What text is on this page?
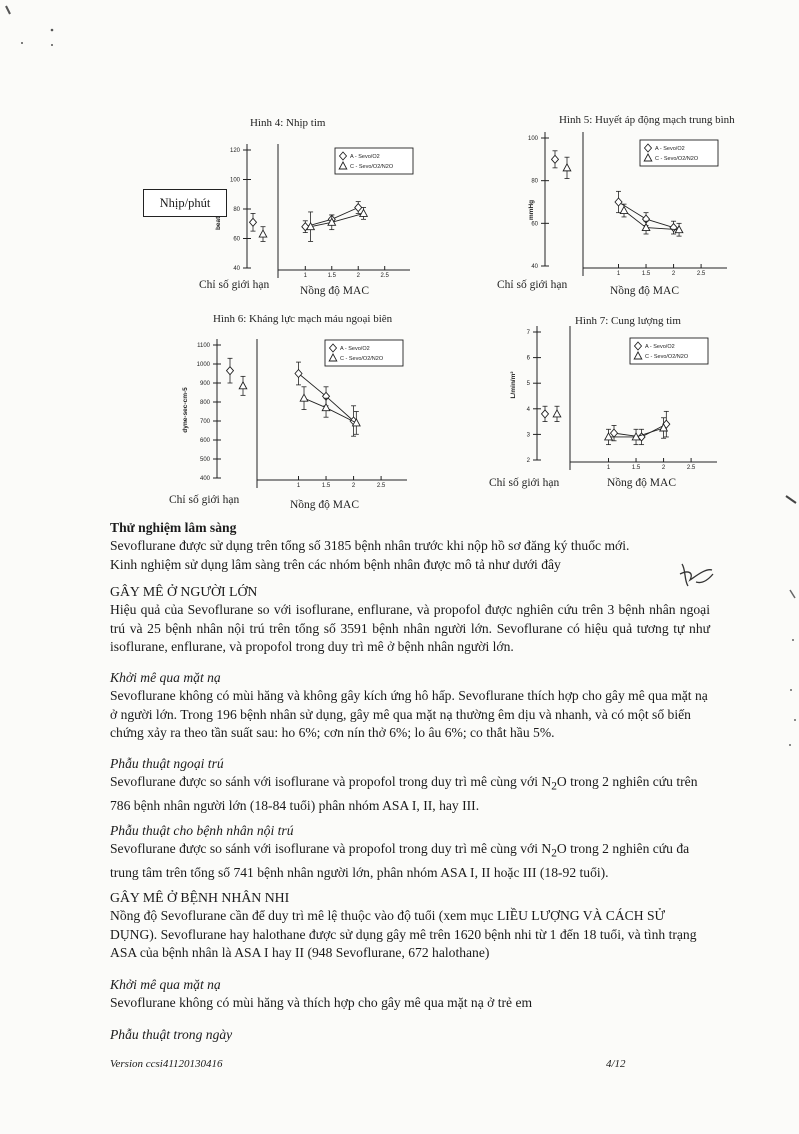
Hình 4: Nhịp tim
40
60
80
100
120
1	1.5	2	2.5
Chỉ số giới hạn	Nồng độ MAC
A - Sevo/O2
C - Sevo/O2/N2O
Hình 5: Huyết áp động mạch trung bình
40
60
80
100
mmHg
1	1.5	2	2.5
Chỉ số giới hạn	Nồng độ MAC
A - Sevo/O2
C - Sevo/O2/N2O
Hình 6: Kháng lực mạch máu ngoại biên
400
500
600
700
800
900
1000
1100
dyne-sec-cm-5
1	1.5	2	2.5
Chỉ số giới hạn	Nồng độ MAC
A - Sevo/O2
C - Sevo/O2/N2O
Hình 7: Cung lượng tim
2
3
4
5
6
7
L/min/m²
1	1.5	2	2.5
Chỉ số giới hạn	Nồng độ MAC
A - Sevo/O2
C - Sevo/O2/N2O
Nhịp/phút

Thử nghiệm lâm sàng

Sevoflurane được sử dụng trên tổng số 3185 bệnh nhân trước khi nộp hồ sơ đăng ký thuốc mới.

Kinh nghiệm sử dụng lâm sàng trên các nhóm bệnh nhân được mô tả như dưới đây

GÂY MÊ Ở NGƯỜI LỚN

Hiệu quả của Sevoflurane so với isoflurane, enflurane, và propofol được nghiên cứu trên 3 bệnh nhân ngoại trú và 25 bệnh nhân nội trú trên tổng số 3591 bệnh nhân người lớn. Sevoflurane có hiệu quả tương tự như isoflurane, enflurane, và propofol trong duy trì mê ở bệnh nhân người lớn.

Khởi mê qua mặt nạ

Sevoflurane không có mùi hăng và không gây kích ứng hô hấp. Sevoflurane thích hợp cho gây mê qua mặt nạ ở người lớn. Trong 196 bệnh nhân sử dụng, gây mê qua mặt nạ thường êm dịu và nhanh, và có một số biến chứng xảy ra theo tần suất sau: ho 6%; cơn nín thở 6%; lo âu 6%; co thắt hầu 5%.

Phẫu thuật ngoại trú

Sevoflurane được so sánh với isoflurane và propofol trong duy trì mê cùng với $N_2O$ trong 2 nghiên cứu trên 786 bệnh nhân người lớn (18-84 tuổi) phân nhóm ASA I, II, hay III.

Phẫu thuật cho bệnh nhân nội trú

Sevoflurane được so sánh với isoflurane và propofol trong duy trì mê cùng với $N_2O$ trong 2 nghiên cứu đa trung tâm trên tổng số 741 bệnh nhân người lớn, phân nhóm ASA I, II hoặc III (18-92 tuổi).

GÂY MÊ Ở BỆNH NHÂN NHI

Nồng độ Sevoflurane cần để duy trì mê lệ thuộc vào độ tuổi (xem mục LIỀU LƯỢNG VÀ CÁCH SỬ DỤNG). Sevoflurane hay halothane được sử dụng gây mê trên 1620 bệnh nhi từ 1 đến 18 tuổi, và tình trạng ASA của bệnh nhân là ASA I hay II (948 Sevoflurane, 672 halothane)

Khởi mê qua mặt nạ

Sevoflurane không có mùi hăng và thích hợp cho gây mê qua mặt nạ ở trẻ em

Phẫu thuật trong ngày

Version ccsi41120130416	4/12
